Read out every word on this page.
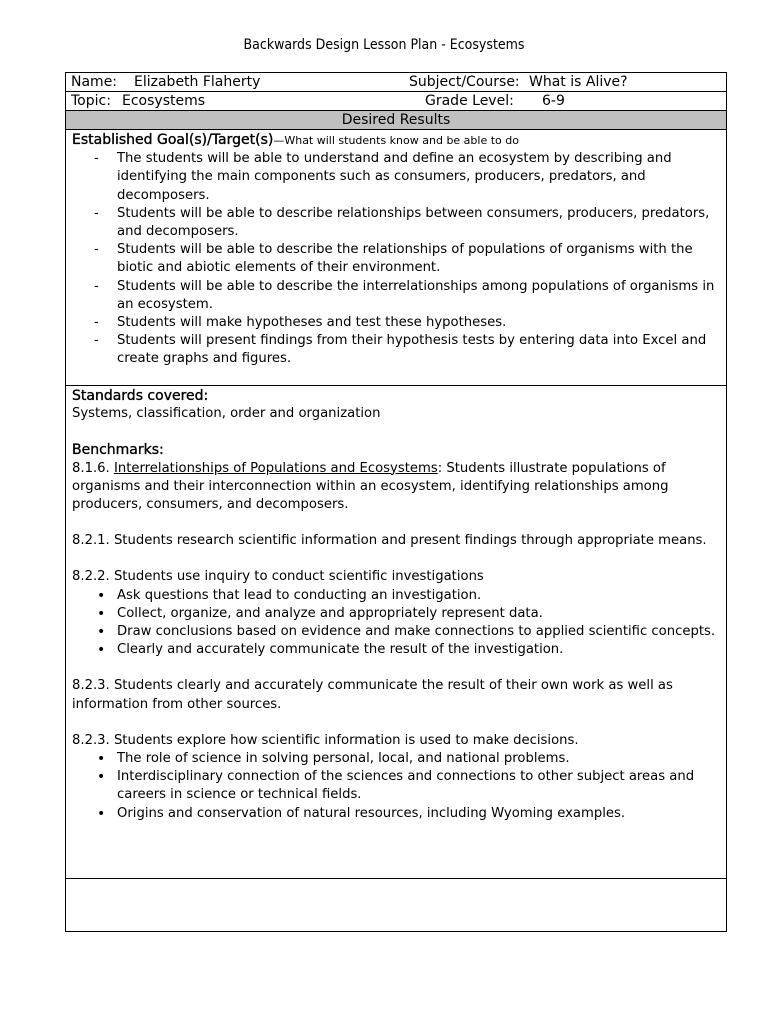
Backwards Design Lesson Plan - Ecosystems
Name: Elizabeth Flaherty	Subject/Course: What is Alive?
Topic: Ecosystems	Grade Level: 6-9
Desired Results
Established Goal(s)/Target(s)—What will students know and be able to do
- The students will be able to understand and define an ecosystem by describing and identifying the main components such as consumers, producers, predators, and decomposers.
- Students will be able to describe relationships between consumers, producers, predators, and decomposers.
- Students will be able to describe the relationships of populations of organisms with the biotic and abiotic elements of their environment.
- Students will be able to describe the interrelationships among populations of organisms in an ecosystem.
- Students will make hypotheses and test these hypotheses.
- Students will present findings from their hypothesis tests by entering data into Excel and create graphs and figures.
Standards covered:
Systems, classification, order and organization
Benchmarks:
8.1.6. Interrelationships of Populations and Ecosystems: Students illustrate populations of organisms and their interconnection within an ecosystem, identifying relationships among producers, consumers, and decomposers.
8.2.1. Students research scientific information and present findings through appropriate means.
8.2.2. Students use inquiry to conduct scientific investigations
• Ask questions that lead to conducting an investigation.
• Collect, organize, and analyze and appropriately represent data.
• Draw conclusions based on evidence and make connections to applied scientific concepts.
• Clearly and accurately communicate the result of the investigation.
8.2.3. Students clearly and accurately communicate the result of their own work as well as information from other sources.
8.2.3. Students explore how scientific information is used to make decisions.
• The role of science in solving personal, local, and national problems.
• Interdisciplinary connection of the sciences and connections to other subject areas and careers in science or technical fields.
• Origins and conservation of natural resources, including Wyoming examples.
